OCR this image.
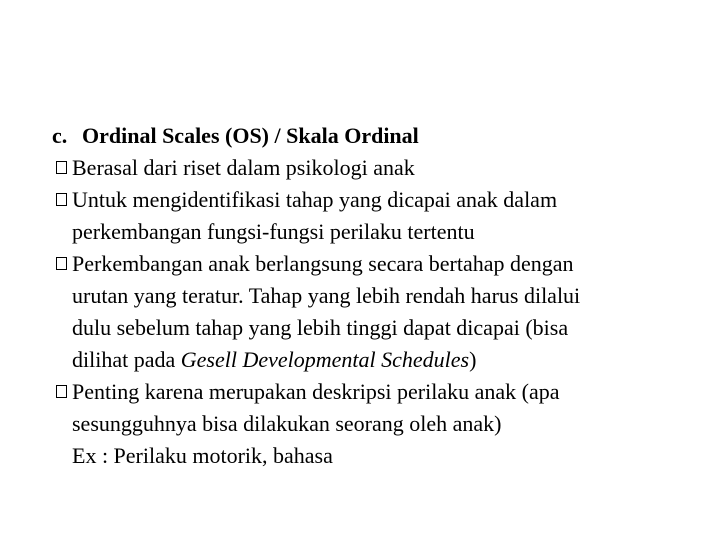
c. Ordinal Scales (OS) / Skala Ordinal

Berasal dari riset dalam psikologi anak
Untuk mengidentifikasi tahap yang dicapai anak dalam
perkembangan fungsi-fungsi perilaku tertentu
Perkembangan anak berlangsung secara bertahap dengan
urutan yang teratur. Tahap yang lebih rendah harus dilalui
dulu sebelum tahap yang lebih tinggi dapat dicapai (bisa
dilihat pada Gesell Developmental Schedules)
Penting karena merupakan deskripsi perilaku anak (apa
sesungguhnya bisa dilakukan seorang oleh anak)

Ex : Perilaku motorik, bahasa
